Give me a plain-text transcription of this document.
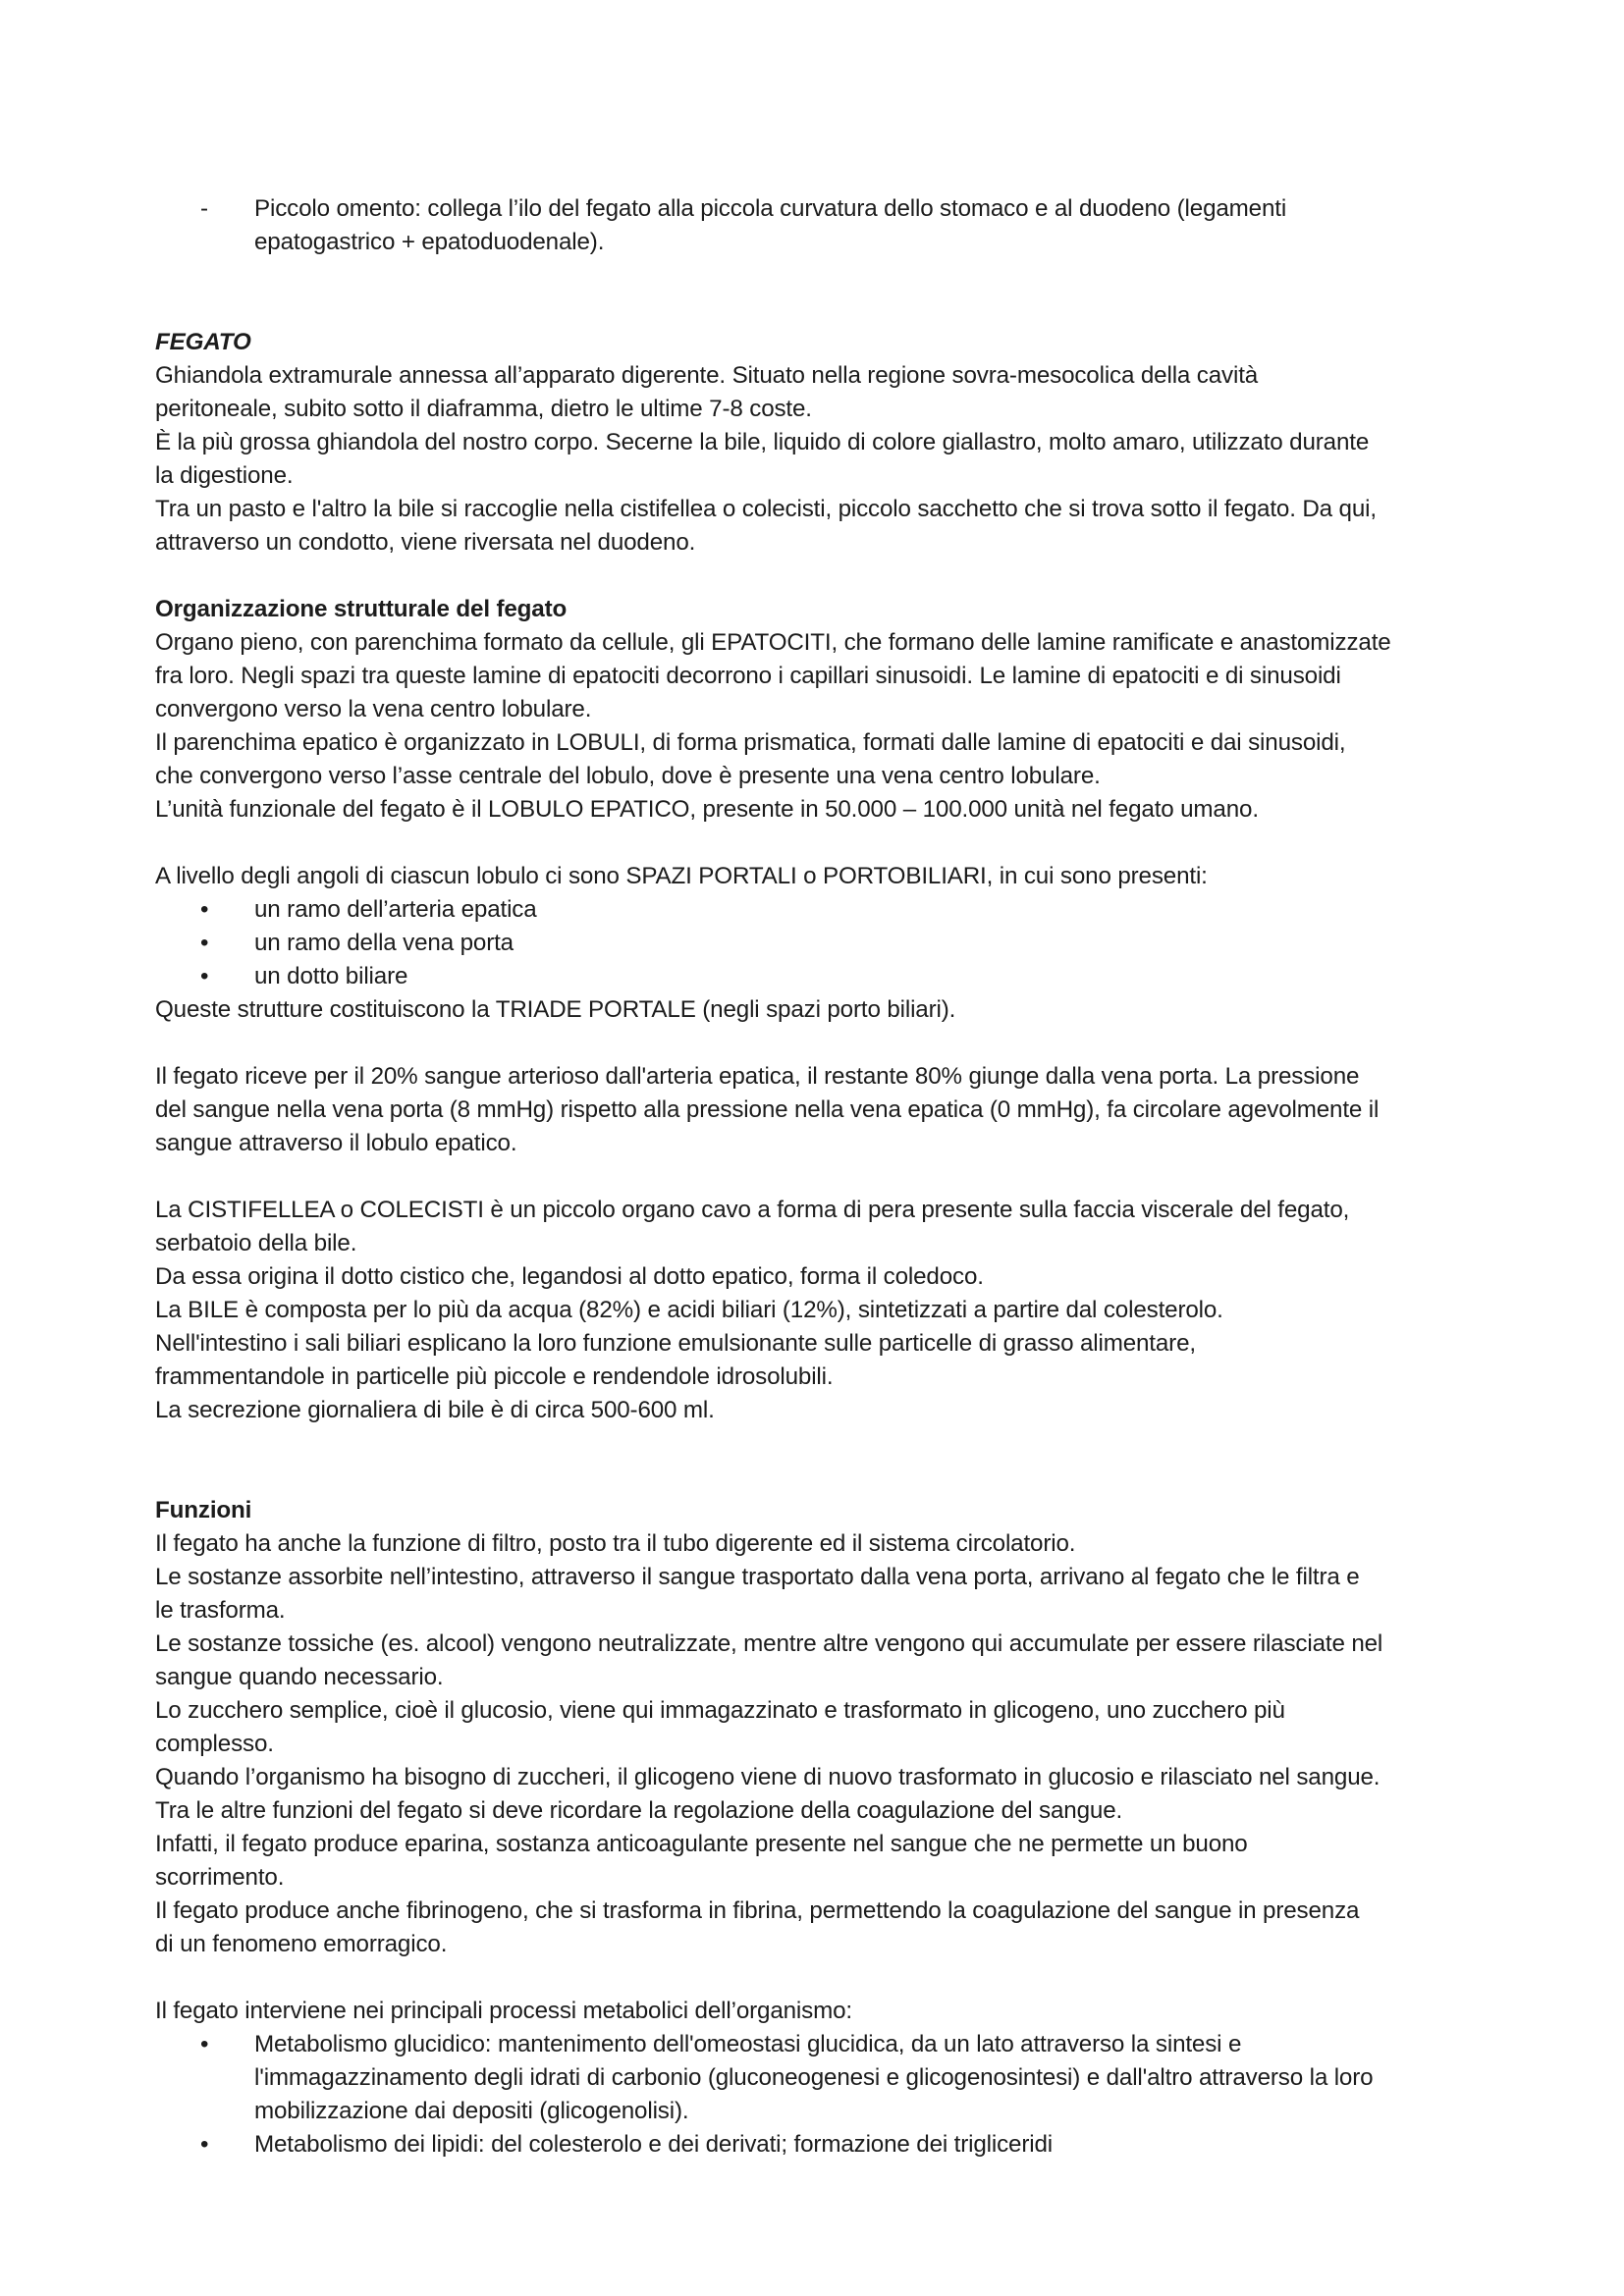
-
Piccolo omento: collega l’ilo del fegato alla piccola curvatura dello stomaco e al duodeno (legamenti
epatogastrico + epatoduodenale).
FEGATO
Ghiandola extramurale annessa all’apparato digerente. Situato nella regione sovra-mesocolica della cavità
peritoneale, subito sotto il diaframma, dietro le ultime 7-8 coste.
È la più grossa ghiandola del nostro corpo. Secerne la bile, liquido di colore giallastro, molto amaro, utilizzato durante
la digestione.
Tra un pasto e l'altro la bile si raccoglie nella cistifellea o colecisti, piccolo sacchetto che si trova sotto il fegato. Da qui,
attraverso un condotto, viene riversata nel duodeno.
Organizzazione strutturale del fegato
Organo pieno, con parenchima formato da cellule, gli EPATOCITI, che formano delle lamine ramificate e anastomizzate
fra loro. Negli spazi tra queste lamine di epatociti decorrono i capillari sinusoidi. Le lamine di epatociti e di sinusoidi
convergono verso la vena centro lobulare.
Il parenchima epatico è organizzato in LOBULI, di forma prismatica, formati dalle lamine di epatociti e dai sinusoidi,
che convergono verso l’asse centrale del lobulo, dove è presente una vena centro lobulare.
L’unità funzionale del fegato è il LOBULO EPATICO, presente in 50.000 – 100.000 unità nel fegato umano.
A livello degli angoli di ciascun lobulo ci sono SPAZI PORTALI o PORTOBILIARI, in cui sono presenti:
•
un ramo dell’arteria epatica
•
un ramo della vena porta
•
un dotto biliare
Queste strutture costituiscono la TRIADE PORTALE (negli spazi porto biliari).
Il fegato riceve per il 20% sangue arterioso dall'arteria epatica, il restante 80% giunge dalla vena porta. La pressione
del sangue nella vena porta (8 mmHg) rispetto alla pressione nella vena epatica (0 mmHg), fa circolare agevolmente il
sangue attraverso il lobulo epatico.
La CISTIFELLEA o COLECISTI è un piccolo organo cavo a forma di pera presente sulla faccia viscerale del fegato,
serbatoio della bile.
Da essa origina il dotto cistico che, legandosi al dotto epatico, forma il coledoco.
La BILE è composta per lo più da acqua (82%) e acidi biliari (12%), sintetizzati a partire dal colesterolo.
Nell'intestino i sali biliari esplicano la loro funzione emulsionante sulle particelle di grasso alimentare,
frammentandole in particelle più piccole e rendendole idrosolubili.
La secrezione giornaliera di bile è di circa 500-600 ml.
Funzioni
Il fegato ha anche la funzione di filtro, posto tra il tubo digerente ed il sistema circolatorio.
Le sostanze assorbite nell’intestino, attraverso il sangue trasportato dalla vena porta, arrivano al fegato che le filtra e
le trasforma.
Le sostanze tossiche (es. alcool) vengono neutralizzate, mentre altre vengono qui accumulate per essere rilasciate nel
sangue quando necessario.
Lo zucchero semplice, cioè il glucosio, viene qui immagazzinato e trasformato in glicogeno, uno zucchero più
complesso.
Quando l’organismo ha bisogno di zuccheri, il glicogeno viene di nuovo trasformato in glucosio e rilasciato nel sangue.
Tra le altre funzioni del fegato si deve ricordare la regolazione della coagulazione del sangue.
Infatti, il fegato produce eparina, sostanza anticoagulante presente nel sangue che ne permette un buono
scorrimento.
Il fegato produce anche fibrinogeno, che si trasforma in fibrina, permettendo la coagulazione del sangue in presenza
di un fenomeno emorragico.
Il fegato interviene nei principali processi metabolici dell’organismo:
•
Metabolismo glucidico: mantenimento dell'omeostasi glucidica, da un lato attraverso la sintesi e
l'immagazzinamento degli idrati di carbonio (gluconeogenesi e glicogenosintesi) e dall'altro attraverso la loro
mobilizzazione dai depositi (glicogenolisi).
•
Metabolismo dei lipidi: del colesterolo e dei derivati; formazione dei trigliceridi
